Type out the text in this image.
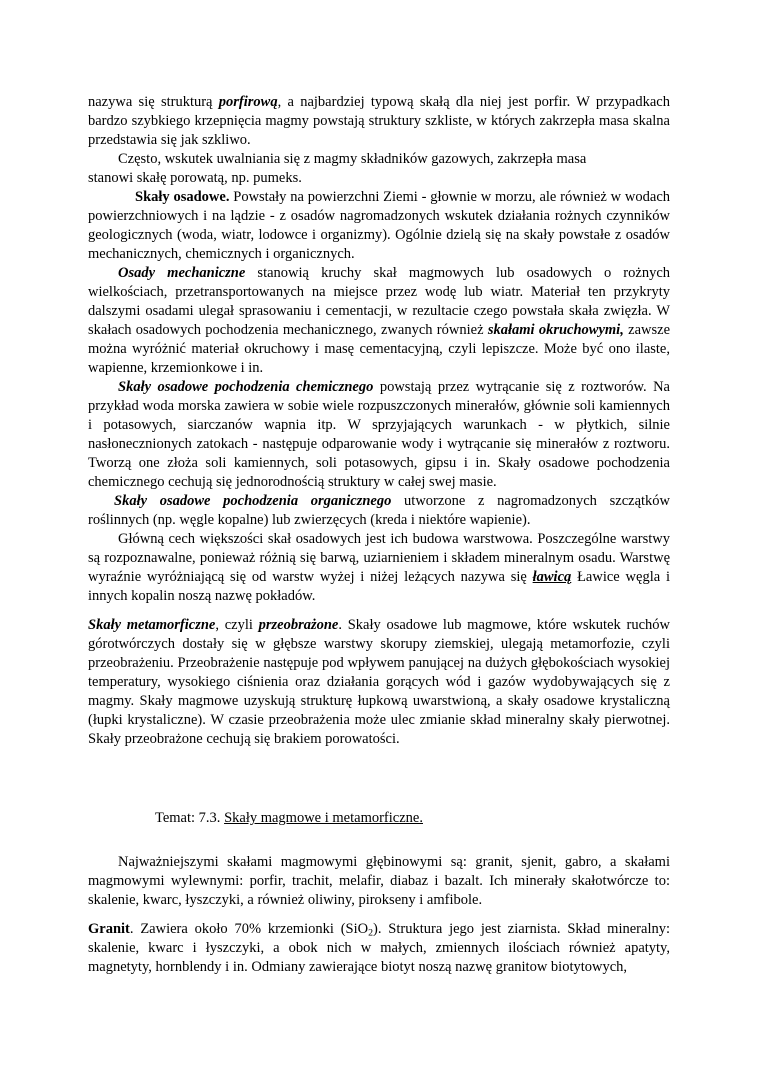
nazywa się strukturą porfirową, a najbardziej typową skałą dla niej jest porfir. W przypadkach bardzo szybkiego krzepnięcia magmy powstają struktury szkliste, w których zakrzepła masa skalna przedstawia się jak szkliwo.

Często, wskutek uwalniania się z magmy składników gazowych, zakrzepła masa
stanowi skałę porowatą, np. pumeks.

Skały osadowe. Powstały na powierzchni Ziemi - głownie w morzu, ale również w wodach powierzchniowych i na lądzie - z osadów nagromadzonych wskutek działania rożnych czynników geologicznych (woda, wiatr, lodowce i organizmy). Ogólnie dzielą się na skały powstałe z osadów mechanicznych, chemicznych i organicznych.

Osady mechaniczne stanowią kruchy skał magmowych lub osadowych o rożnych wielkościach, przetransportowanych na miejsce przez wodę lub wiatr. Materiał ten przykryty dalszymi osadami ulegał sprasowaniu i cementacji, w rezultacie czego powstała skała zwięzła. W skałach osadowych pochodzenia mechanicznego, zwanych również skałami okruchowymi, zawsze można wyróżnić materiał okruchowy i masę cementacyjną, czyli lepiszcze. Może być ono ilaste, wapienne, krzemionkowe i in.

Skały osadowe pochodzenia chemicznego powstają przez wytrącanie się z roztworów. Na przykład woda morska zawiera w sobie wiele rozpuszczonych minerałów, głównie soli kamiennych i potasowych, siarczanów wapnia itp. W sprzyjających warunkach - w płytkich, silnie nasłonecznionych zatokach - następuje odparowanie wody i wytrącanie się minerałów z roztworu. Tworzą one złoża soli kamiennych, soli potasowych, gipsu i in. Skały osadowe pochodzenia chemicznego cechują się jednorodnością struktury w całej swej masie.

Skały osadowe pochodzenia organicznego utworzone z nagromadzonych szczątków roślinnych (np. węgle kopalne) lub zwierzęcych (kreda i niektóre wapienie).

Główną cech większości skał osadowych jest ich budowa warstwowa. Poszczególne warstwy są rozpoznawalne, ponieważ różnią się barwą, uziarnieniem i składem mineralnym osadu. Warstwę wyraźnie wyróżniającą się od warstw wyżej i niżej leżących nazywa się ławicą Ławice węgla i innych kopalin noszą nazwę pokładów.

Skały metamorficzne, czyli przeobrażone. Skały osadowe lub magmowe, które wskutek ruchów górotwórczych dostały się w głębsze warstwy skorupy ziemskiej, ulegają metamorfozie, czyli przeobrażeniu. Przeobrażenie następuje pod wpływem panującej na dużych głębokościach wysokiej temperatury, wysokiego ciśnienia oraz działania gorących wód i gazów wydobywających się z magmy. Skały magmowe uzyskują strukturę łupkową uwarstwioną, a skały osadowe krystaliczną (łupki krystaliczne). W czasie przeobrażenia może ulec zmianie skład mineralny skały pierwotnej. Skały przeobrażone cechują się brakiem porowatości.

Temat: 7.3. Skały magmowe i metamorficzne.

Najważniejszymi skałami magmowymi głębinowymi są: granit, sjenit, gabro, a skałami magmowymi wylewnymi: porfir, trachit, melafir, diabaz i bazalt. Ich minerały skałotwórcze to: skalenie, kwarc, łyszczyki, a również oliwiny, pirokseny i amfibole.

Granit. Zawiera około 70% krzemionki (SiO$_2$). Struktura jego jest ziarnista. Skład mineralny: skalenie, kwarc i łyszczyki, a obok nich w małych, zmiennych ilościach również apatyty, magnetyty, hornblendy i in. Odmiany zawierające biotyt noszą nazwę granitow biotytowych,
